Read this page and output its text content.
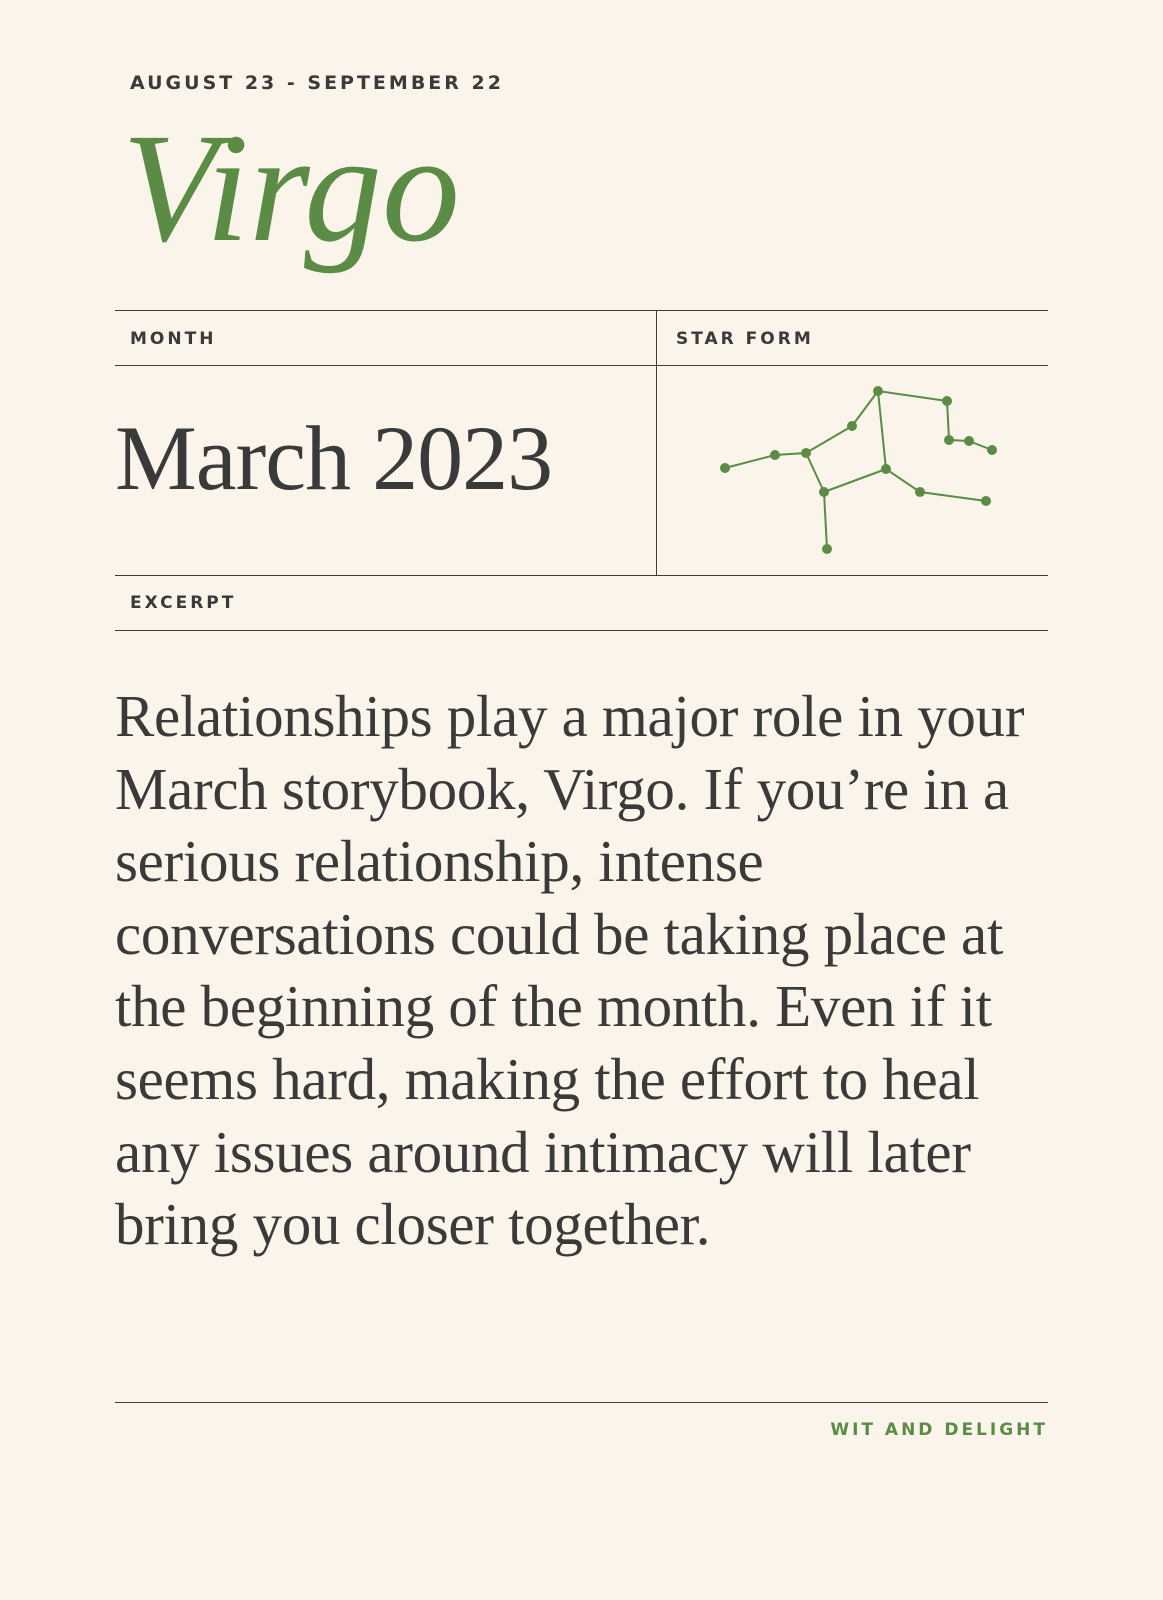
AUGUST 23 - SEPTEMBER 22
Virgo
MONTH	STAR FORM
March 2023
EXCERPT

Relationships play a major role in your March storybook, Virgo. If you’re in a serious relationship, intense conversations could be taking place at the beginning of the month. Even if it seems hard, making the effort to heal any issues around intimacy will later bring you closer together.

WIT AND DELIGHT
